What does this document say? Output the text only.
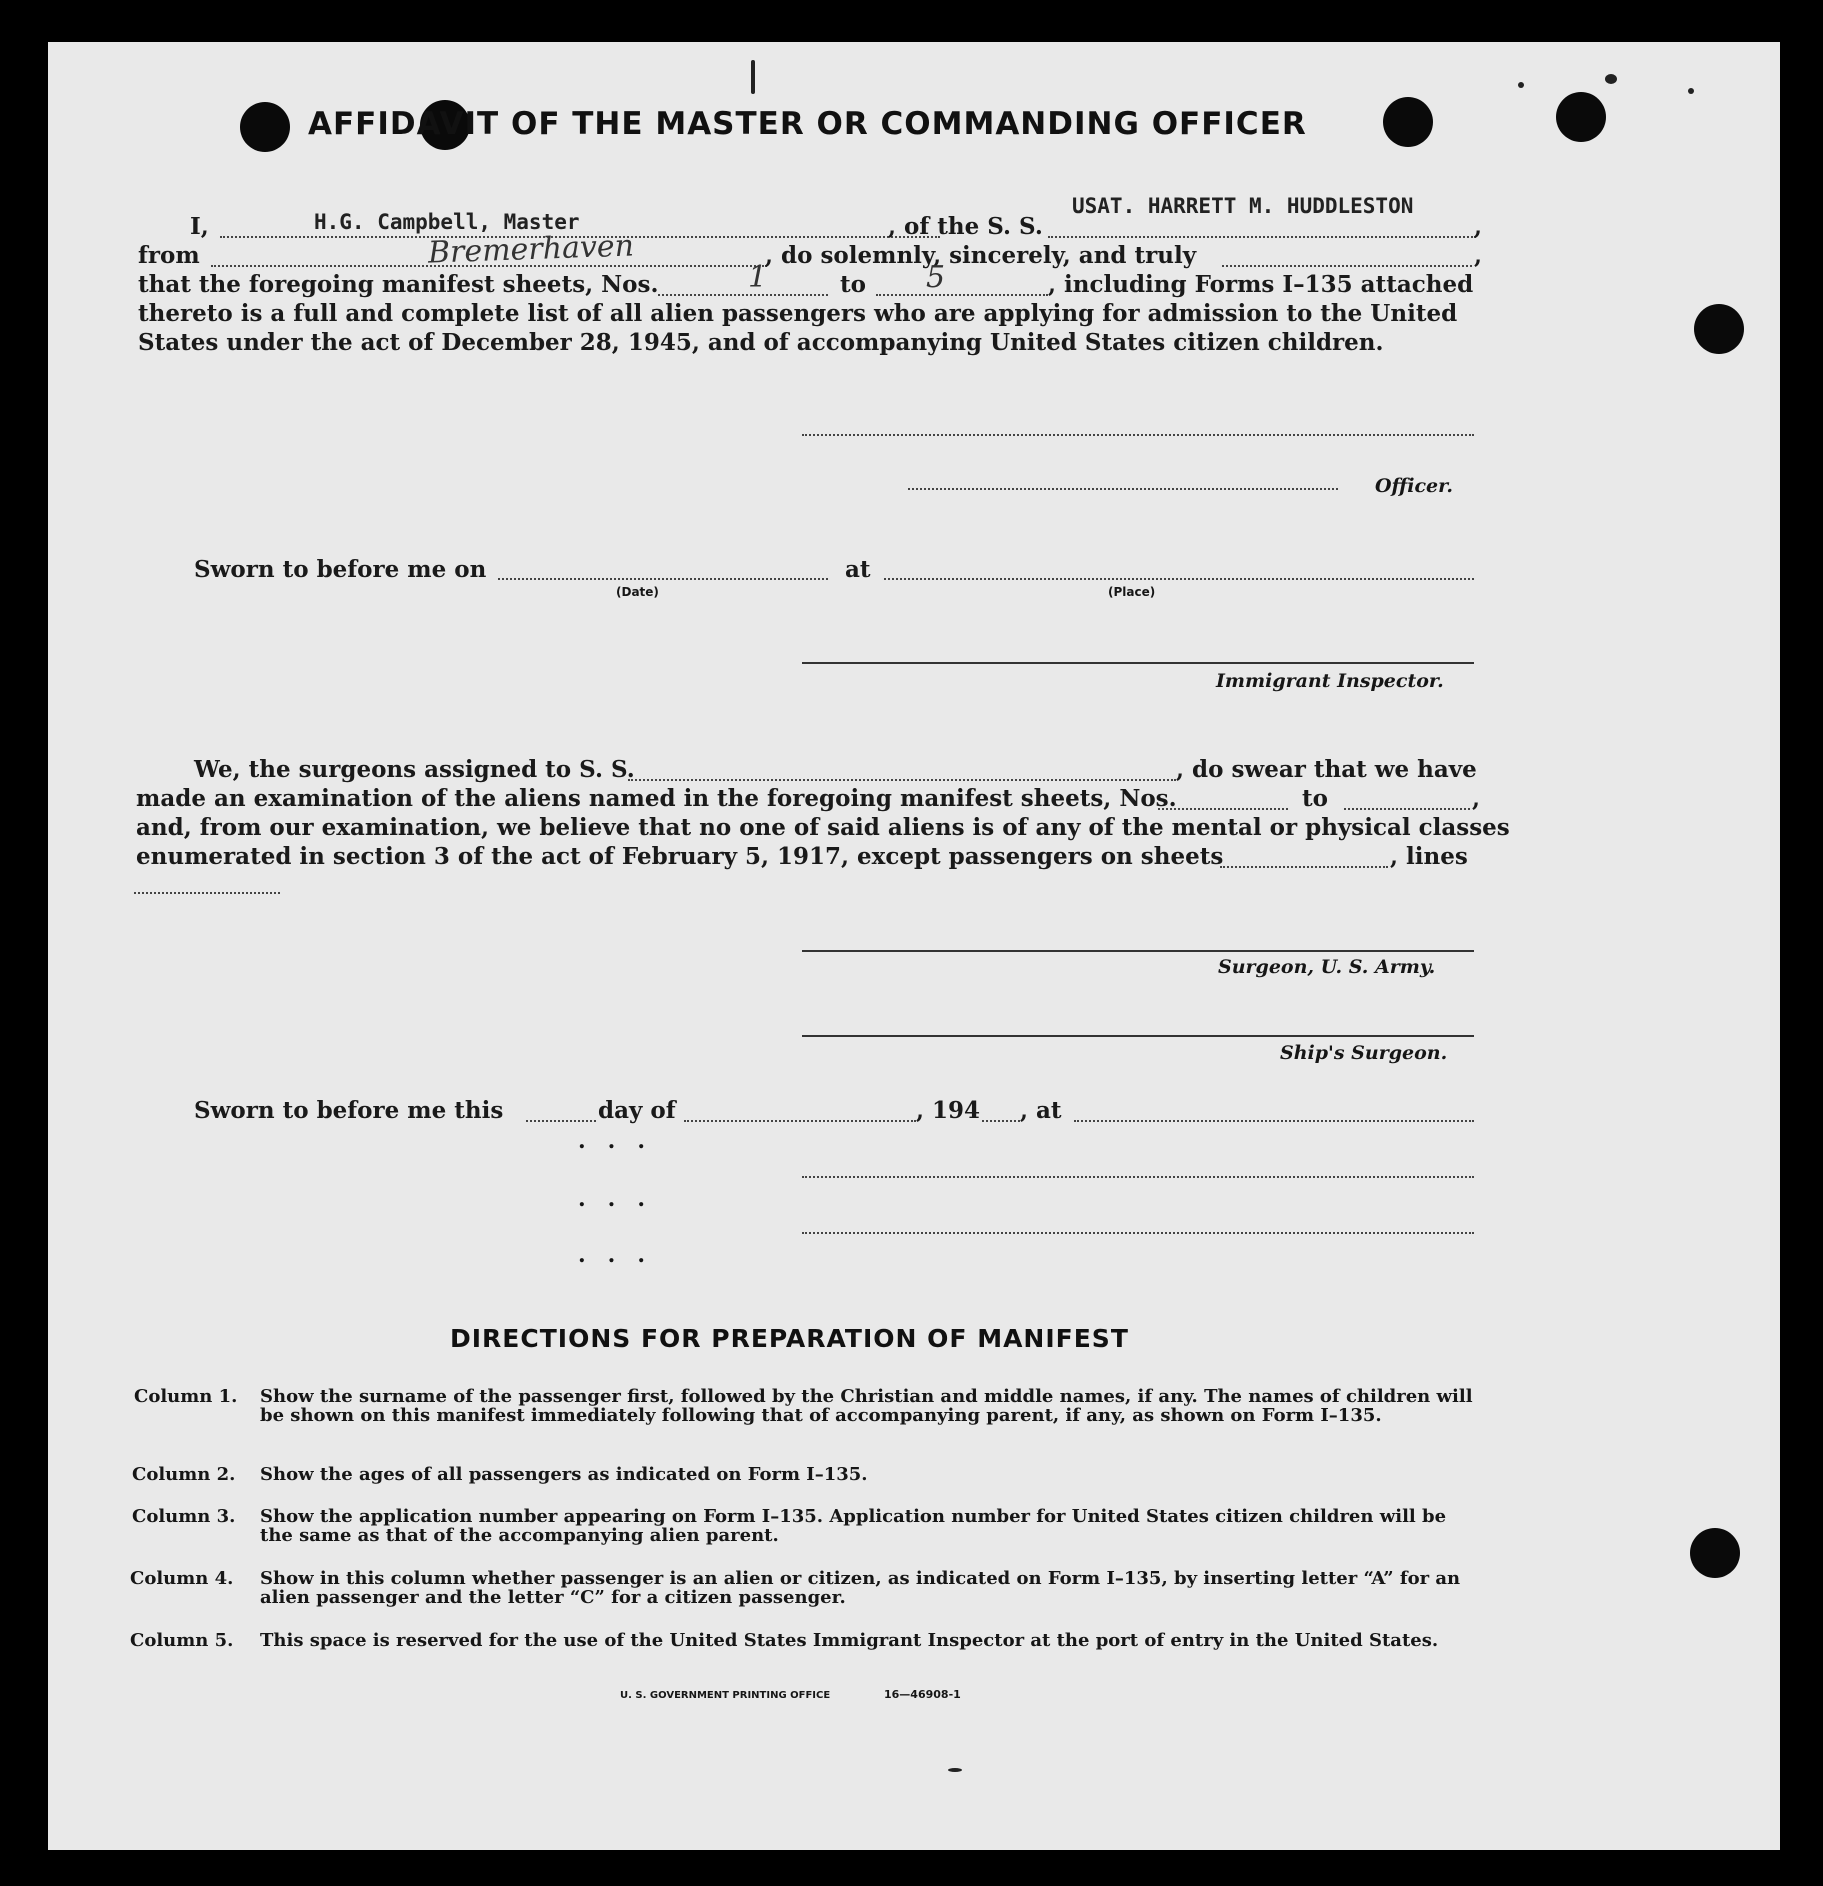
AFFIDAVIT OF THE MASTER OR COMMANDING OFFICER
I,	H.G. Campbell, Master	, of the S. S.
USAT. HARRETT M. HUDDLESTON
,
from	Bremerhaven	, do solemnly, sincerely, and truly	,
that the foregoing manifest sheets, Nos.	1	to 5	, including Forms I–135 attached
thereto is a full and complete list of all alien passengers who are applying for admission to the United
States under the act of December 28, 1945, and of accompanying United States citizen children.
Officer.
Sworn to before me on
(Date)
at
(Place)
Immigrant Inspector.
We, the surgeons assigned to S. S.	, do swear that we have
made an examination of the aliens named in the foregoing manifest sheets, Nos.	to	,
and, from our examination, we believe that no one of said aliens is of any of the mental or physical classes
enumerated in section 3 of the act of February 5, 1917, except passengers on sheets	, lines
Surgeon, U. S. Army.
Ship's Surgeon.
Sworn to before me this	day of	, 194 , at
...
...
...
DIRECTIONS FOR PREPARATION OF MANIFEST
Column 1. Show the surname of the passenger first, followed by the Christian and middle names, if any. The names of children will be shown on this manifest immediately following that of accompanying parent, if any, as shown on Form I–135.
Column 2. Show the ages of all passengers as indicated on Form I–135.
Column 3. Show the application number appearing on Form I–135. Application number for United States citizen children will be the same as that of the accompanying alien parent.
Column 4. Show in this column whether passenger is an alien or citizen, as indicated on Form I–135, by inserting letter “A” for an alien passenger and the letter “C” for a citizen passenger.
Column 5. This space is reserved for the use of the United States Immigrant Inspector at the port of entry in the United States.
U. S. GOVERNMENT PRINTING OFFICE	16—46908-1
